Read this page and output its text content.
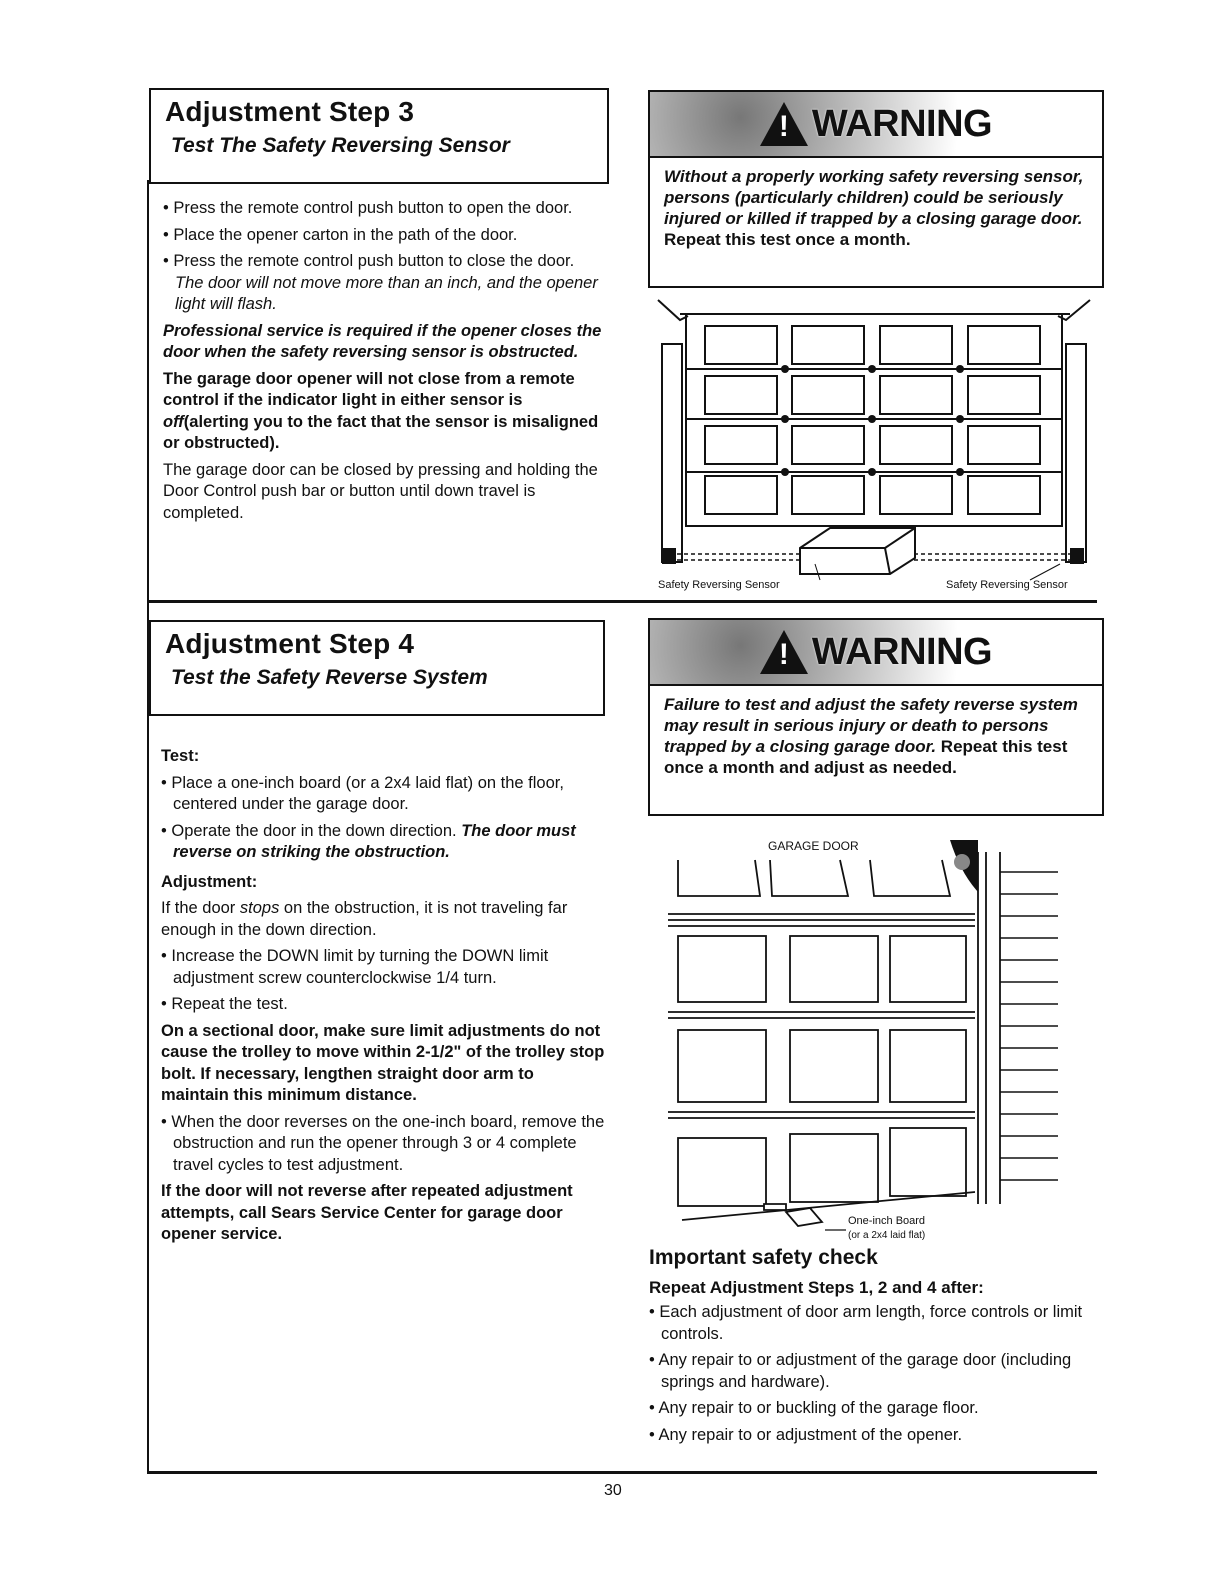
Adjustment Step 3
Test The Safety Reversing Sensor

• Press the remote control push button to open the door.

• Place the opener carton in the path of the door.

• Press the remote control push button to close the door. The door will not move more than an inch, and the opener light will flash.

Professional service is required if the opener closes the door when the safety reversing sensor is obstructed.

The garage door opener will not close from a remote control if the indicator light in either sensor is off(alerting you to the fact that the sensor is misaligned or obstructed).

The garage door can be closed by pressing and holding the Door Control push bar or button until down travel is completed.

! WARNING
Without a properly working safety reversing sensor, persons (particularly children) could be seriously injured or killed if trapped by a closing garage door. Repeat this test once a month.
Safety Reversing Sensor	Safety Reversing Sensor
Adjustment Step 4
Test the Safety Reverse System

Test:

• Place a one-inch board (or a 2x4 laid flat) on the floor, centered under the garage door.

• Operate the door in the down direction. The door must reverse on striking the obstruction.

Adjustment:

If the door stops on the obstruction, it is not traveling far enough in the down direction.

• Increase the DOWN limit by turning the DOWN limit adjustment screw counterclockwise 1/4 turn.

• Repeat the test.

On a sectional door, make sure limit adjustments do not cause the trolley to move within 2-1/2" of the trolley stop bolt. If necessary, lengthen straight door arm to maintain this minimum distance.

• When the door reverses on the one-inch board, remove the obstruction and run the opener through 3 or 4 complete travel cycles to test adjustment.

If the door will not reverse after repeated adjustment attempts, call Sears Service Center for garage door opener service.

! WARNING
Failure to test and adjust the safety reverse system may result in serious injury or death to persons trapped by a closing garage door. Repeat this test once a month and adjust as needed.
GARAGE DOOR
One-inch Board
(or a 2x4 laid flat)
Important safety check
Repeat Adjustment Steps 1, 2 and 4 after:

• Each adjustment of door arm length, force controls or limit controls.

• Any repair to or adjustment of the garage door (including springs and hardware).

• Any repair to or buckling of the garage floor.

• Any repair to or adjustment of the opener.

30
